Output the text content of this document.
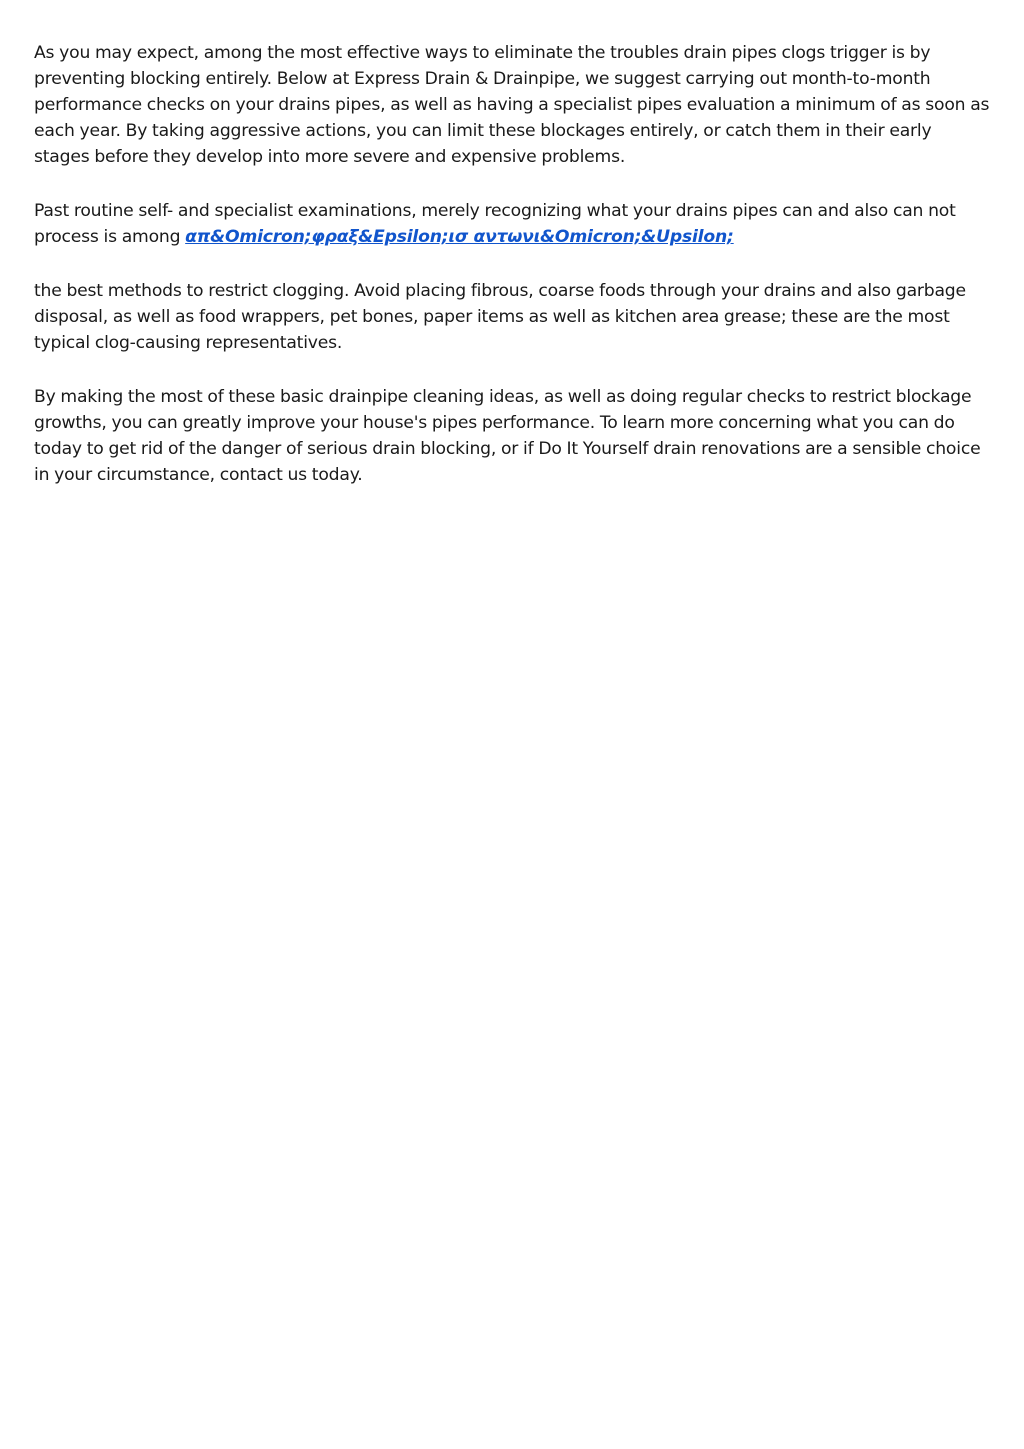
As you may expect, among the most effective ways to eliminate the troubles drain pipes clogs trigger is by preventing blocking entirely. Below at Express Drain & Drainpipe, we suggest carrying out month-to-month performance checks on your drains pipes, as well as having a specialist pipes evaluation a minimum of as soon as each year. By taking aggressive actions, you can limit these blockages entirely, or catch them in their early stages before they develop into more severe and expensive problems.

Past routine self- and specialist examinations, merely recognizing what your drains pipes can and also can not process is among απ&Omicron;φραξ&Epsilon;ισ αντωνι&Omicron;&Upsilon;

the best methods to restrict clogging. Avoid placing fibrous, coarse foods through your drains and also garbage disposal, as well as food wrappers, pet bones, paper items as well as kitchen area grease; these are the most typical clog-causing representatives.

By making the most of these basic drainpipe cleaning ideas, as well as doing regular checks to restrict blockage growths, you can greatly improve your house's pipes performance. To learn more concerning what you can do today to get rid of the danger of serious drain blocking, or if Do It Yourself drain renovations are a sensible choice in your circumstance, contact us today.
